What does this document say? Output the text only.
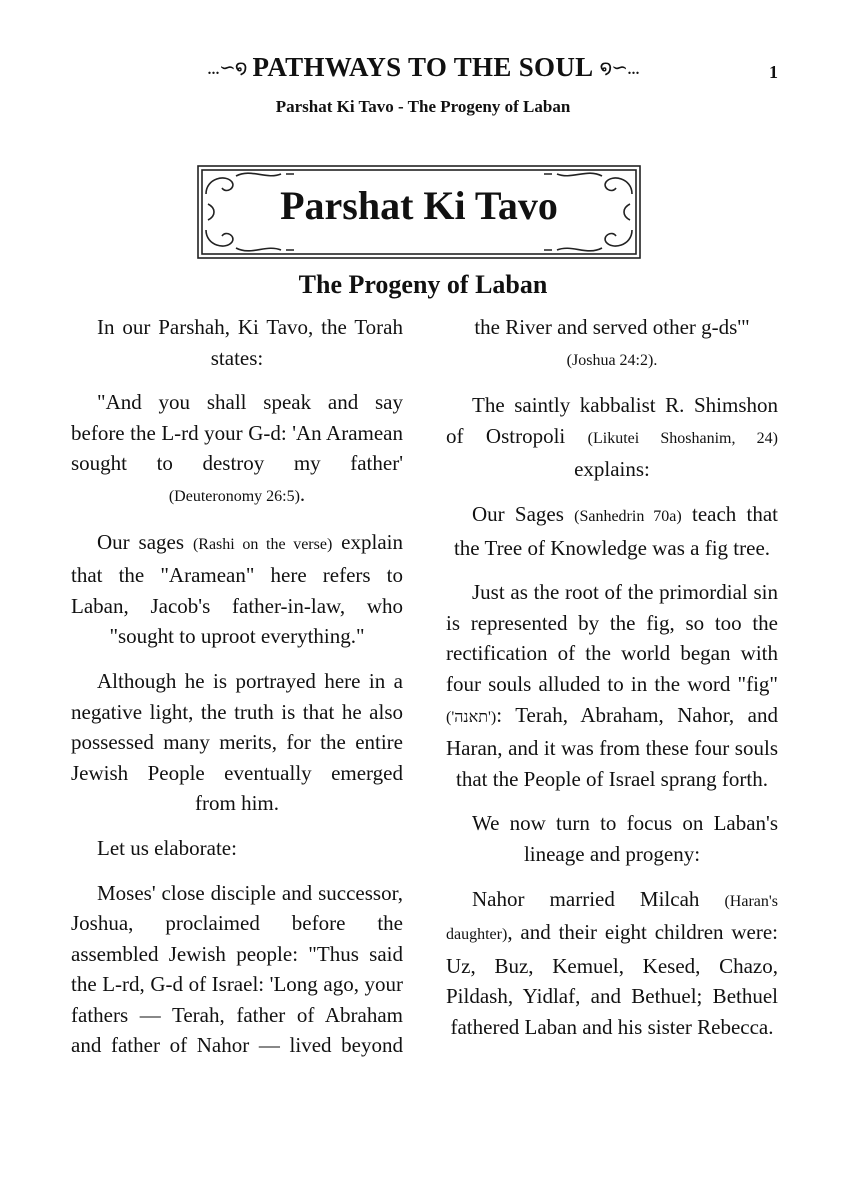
...∽໑ PATHWAYS TO THE SOUL ໑∽...	1
Parshat Ki Tavo - The Progeny of Laban
Parshat Ki Tavo
The Progeny of Laban

In our Parshah, Ki Tavo, the Torah states:

"And you shall speak and say before the L-rd your G-d: 'An Aramean sought to destroy my father' (Deuteronomy 26:5).

Our sages (Rashi on the verse) explain that the "Aramean" here refers to Laban, Jacob's father-in-law, who "sought to uproot everything."

Although he is portrayed here in a negative light, the truth is that he also possessed many merits, for the entire Jewish People eventually emerged from him.

Let us elaborate:

Moses' close disciple and successor, Joshua, proclaimed before the assembled Jewish people: "Thus said the L-rd, G-d of Israel: 'Long ago, your fathers — Terah, father of Abraham and father of Nahor — lived beyond

the River and served other g-ds'"
(Joshua 24:2).

The saintly kabbalist R. Shimshon of Ostropoli (Likutei Shoshanim, 24) explains:

Our Sages (Sanhedrin 70a) teach that the Tree of Knowledge was a fig tree.

Just as the root of the primordial sin is represented by the fig, so too the rectification of the world began with four souls alluded to in the word "fig" ('תאנה'): Terah, Abraham, Nahor, and Haran, and it was from these four souls that the People of Israel sprang forth.

We now turn to focus on Laban's lineage and progeny:

Nahor married Milcah (Haran's daughter), and their eight children were: Uz, Buz, Kemuel, Kesed, Chazo, Pildash, Yidlaf, and Bethuel; Bethuel fathered Laban and his sister Rebecca.
